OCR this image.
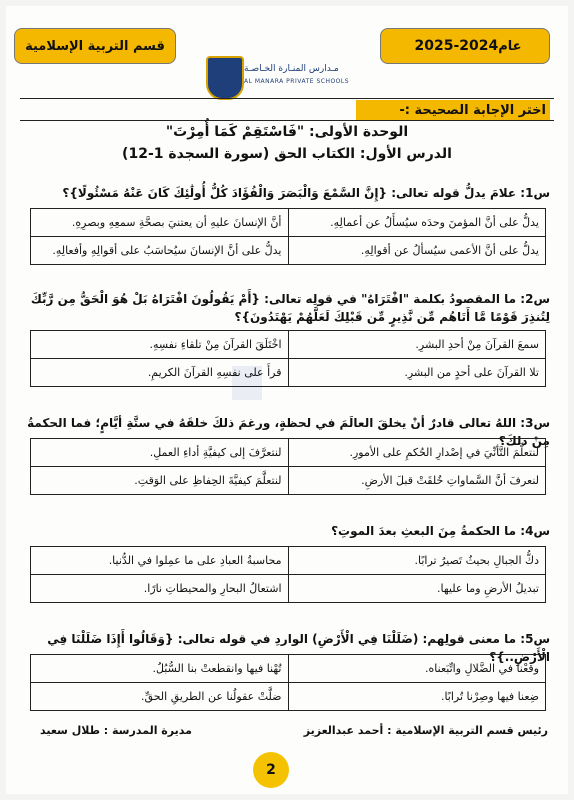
عام
2025-2024
قسم التربية الإسلامية
مـدارس المنـارة الخـاصـة
AL MANARA PRIVATE SCHOOLS
اختر الإجابة الصحيحة :-
الوحدة الأولى: "فَاسْتَقِمْ كَمَا أُمِرْتَ"
الدرس الأول: الكتاب الحق (سورة السجدة 1-12)
س1: علامَ يدلُّ قوله تعالى: {إِنَّ السَّمْعَ وَالْبَصَرَ وَالْفُؤَادَ كُلُّ أُولَٰئِكَ كَانَ عَنْهُ مَسْئُولًا}؟
يدلُّ على أنَّ المؤمنَ وحدَه سيُسأَلُ عن أعمالِهِ.	أنَّ الإنسانَ عليهِ أن يعتنيَ بصحَّةِ سمعِهِ وبصرِهِ.
يدلُّ على أنَّ الأعمى سيُسألُ عن أقوالِهِ.	يدلُّ على أنَّ الإنسانَ سيُحاسَبُ على أقوالِهِ وأفعالِهِ.
س2: ما المقصودُ بكلمة "افْتَرَاهُ" في قولِه تعالى: {أَمْ يَقُولُونَ افْتَرَاهُ بَلْ هُوَ الْحَقُّ مِن رَّبِّكَ لِتُنذِرَ قَوْمًا مَّا أَتَاهُم مِّن نَّذِيرٍ مِّن قَبْلِكَ لَعَلَّهُمْ يَهْتَدُونَ}؟
سمعَ القرآنَ مِنْ أحدِ البشرِ.	اخْتَلَقَ القرآنَ مِنْ تلقاءِ نفسِهِ.
تلا القرآنَ على أحدٍ من البشرِ.	قرأَ على نفسِهِ القرآنَ الكريمِ.
س3: اللهُ تعالى قادرٌ أنْ يخلقَ العالَمَ في لحظةٍ، ورغمَ ذلكَ خلقَهُ في ستَّةِ أيَّامٍ؛ فما الحكمةُ مِنْ ذلكَ؟
لنتعلَّمَ التَّأنِّيَ في إصْدارِ الحُكمِ على الأمورِ.	لنتعرَّفَ إلى كيفيَّةِ أداءِ العملِ.
لنعرفَ أنَّ السَّماواتِ خُلقَتْ قبلَ الأرضِ.	لنتعلَّمَ كيفيَّةَ الحِفاظِ على الوَقتِ.
س4: ما الحكمةُ مِنَ البعثِ بعدَ الموتِ؟
دكُّ الجبالِ بحيثُ تَصيرُ ترابًا.	محاسبةُ العبادِ على ما عمِلوا في الدُّنيا.
تبديلُ الأرضِ وما عليها.	اشتعالُ البحارِ والمحيطاتِ نارًا.
س5: ما معنى قولِهم: (ضَلَلْنَا فِي الْأَرْضِ) الواردِ في قوله تعالى: {وَقَالُوا أَإِذَا ضَلَلْنَا فِي الْأَرْضِ..}؟
وقعْنا في الضَّلالِ واتِّبَعناه.	تُهْنا فيها وانقطعتْ بنا السُّبُلُ.
ضِعنا فيها وصِرْنا تُرابًا.	ضلَّتْ عقولُنا عن الطريقِ الحقِّ.
رئيس قسم التربية الإسلامية : أحمد عبدالعزيز
مديرة المدرسة : طلال سعيد
2
